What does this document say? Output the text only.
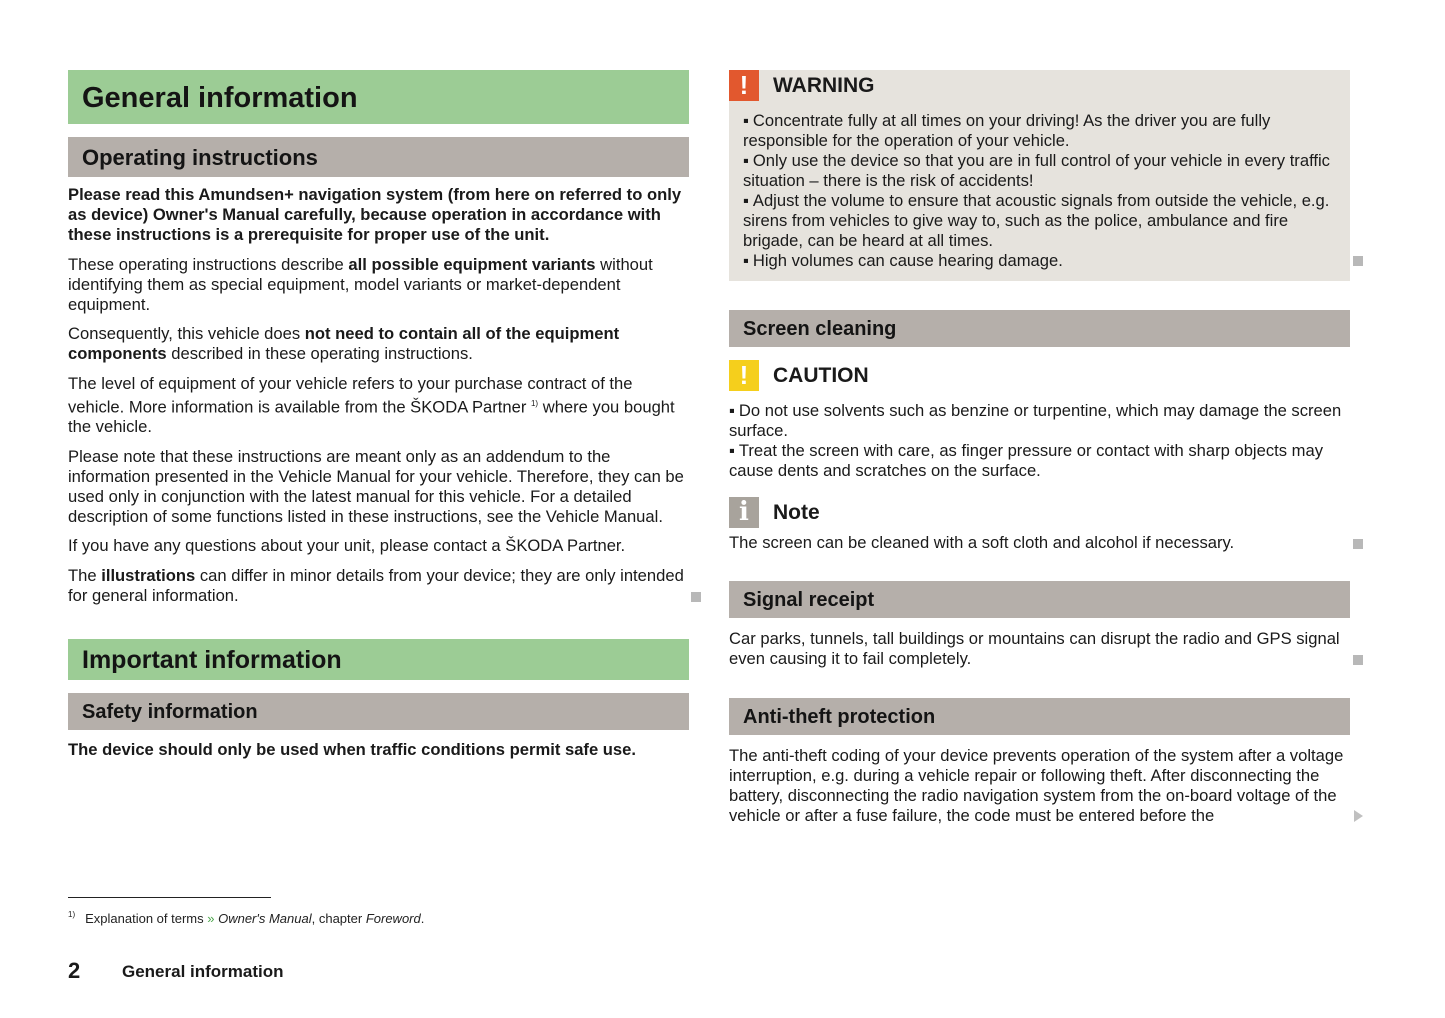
General information
Operating instructions

Please read this Amundsen+ navigation system (from here on referred to only as device) Owner's Manual carefully, because operation in accordance with these instructions is a prerequisite for proper use of the unit.

These operating instructions describe all possible equipment variants without identifying them as special equipment, model variants or market-dependent equipment.

Consequently, this vehicle does not need to contain all of the equipment components described in these operating instructions.

The level of equipment of your vehicle refers to your purchase contract of the vehicle. More information is available from the ŠKODA Partner $^{1)}$ where you bought the vehicle.

Please note that these instructions are meant only as an addendum to the information presented in the Vehicle Manual for your vehicle. Therefore, they can be used only in conjunction with the latest manual for this vehicle. For a detailed description of some functions listed in these instructions, see the Vehicle Manual.

If you have any questions about your unit, please contact a ŠKODA Partner.

The illustrations can differ in minor details from your device; they are only intended for general information.

Important information
Safety information

The device should only be used when traffic conditions permit safe use.

!	WARNING

▪ Concentrate fully at all times on your driving! As the driver you are fully responsible for the operation of your vehicle.

▪ Only use the device so that you are in full control of your vehicle in every traffic situation – there is the risk of accidents!

▪ Adjust the volume to ensure that acoustic signals from outside the vehicle, e.g. sirens from vehicles to give way to, such as the police, ambulance and fire brigade, can be heard at all times.

▪ High volumes can cause hearing damage.

Screen cleaning
!	CAUTION

▪ Do not use solvents such as benzine or turpentine, which may damage the screen surface.

▪ Treat the screen with care, as finger pressure or contact with sharp objects may cause dents and scratches on the surface.

i	Note

The screen can be cleaned with a soft cloth and alcohol if necessary.

Signal receipt

Car parks, tunnels, tall buildings or mountains can disrupt the radio and GPS signal even causing it to fail completely.

Anti-theft protection

The anti-theft coding of your device prevents operation of the system after a voltage interruption, e.g. during a vehicle repair or following theft. After disconnecting the battery, disconnecting the radio navigation system from the on-board voltage of the vehicle or after a fuse failure, the code must be entered before the

$^{1)}$ Explanation of terms » Owner's Manual, chapter Foreword.
2 General information
